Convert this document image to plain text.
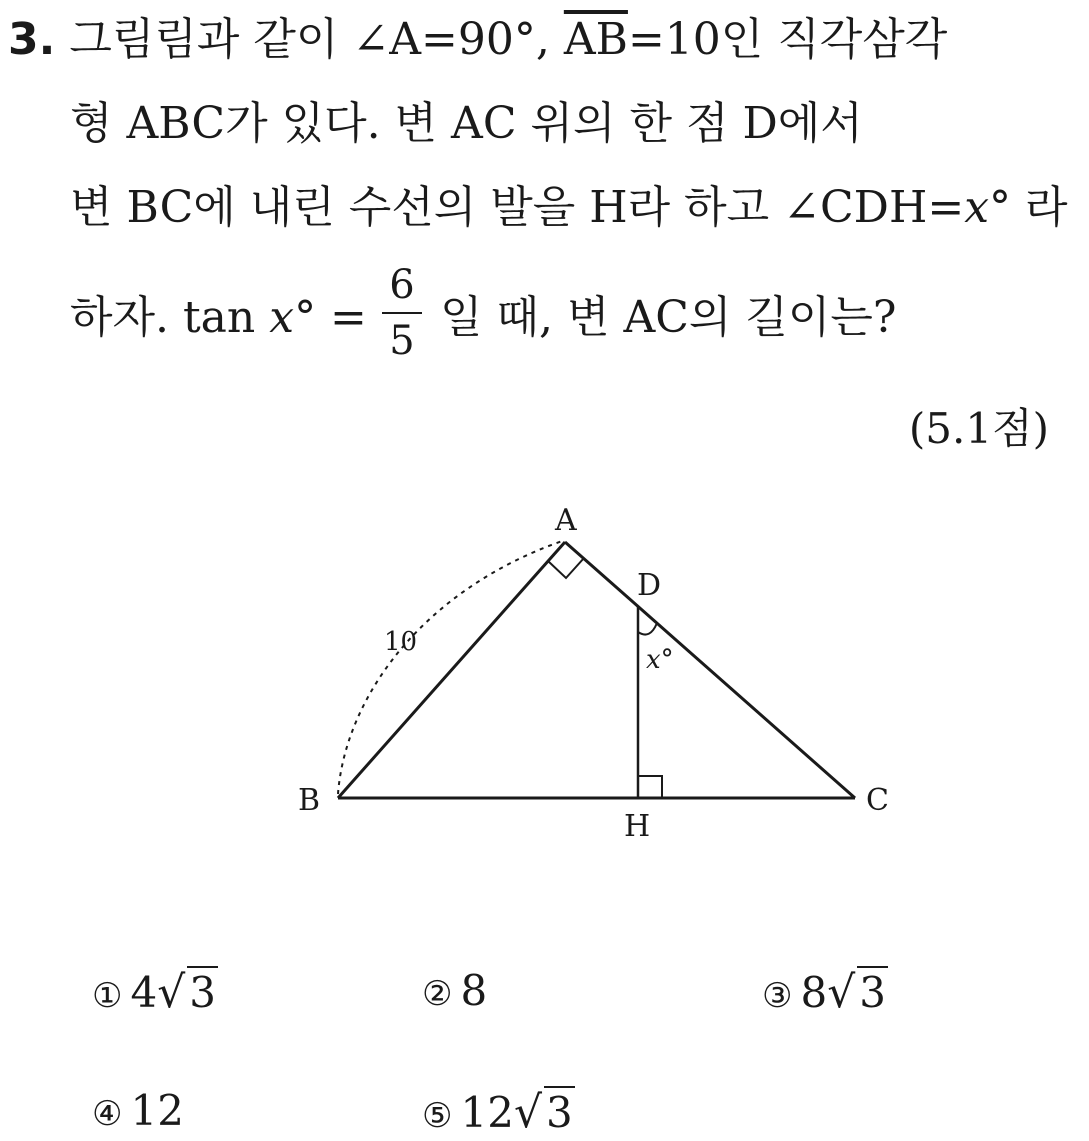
3. 그림림과 같이 ∠A=90°, $\overline{AB}=10$인 직각삼각
형 ABC가 있다. 변 AC 위의 한 점 D에서
변 BC에 내린 수선의 발을 H라 하고 ∠CDH=x° 라
하자. tan x° =
6
5 일 때, 변 AC의 길이는?
(5.1점)
A
B	C
D
H
10
x°
① 4√3	② 8	③ 8√3
④ 12	⑤ 12√3
